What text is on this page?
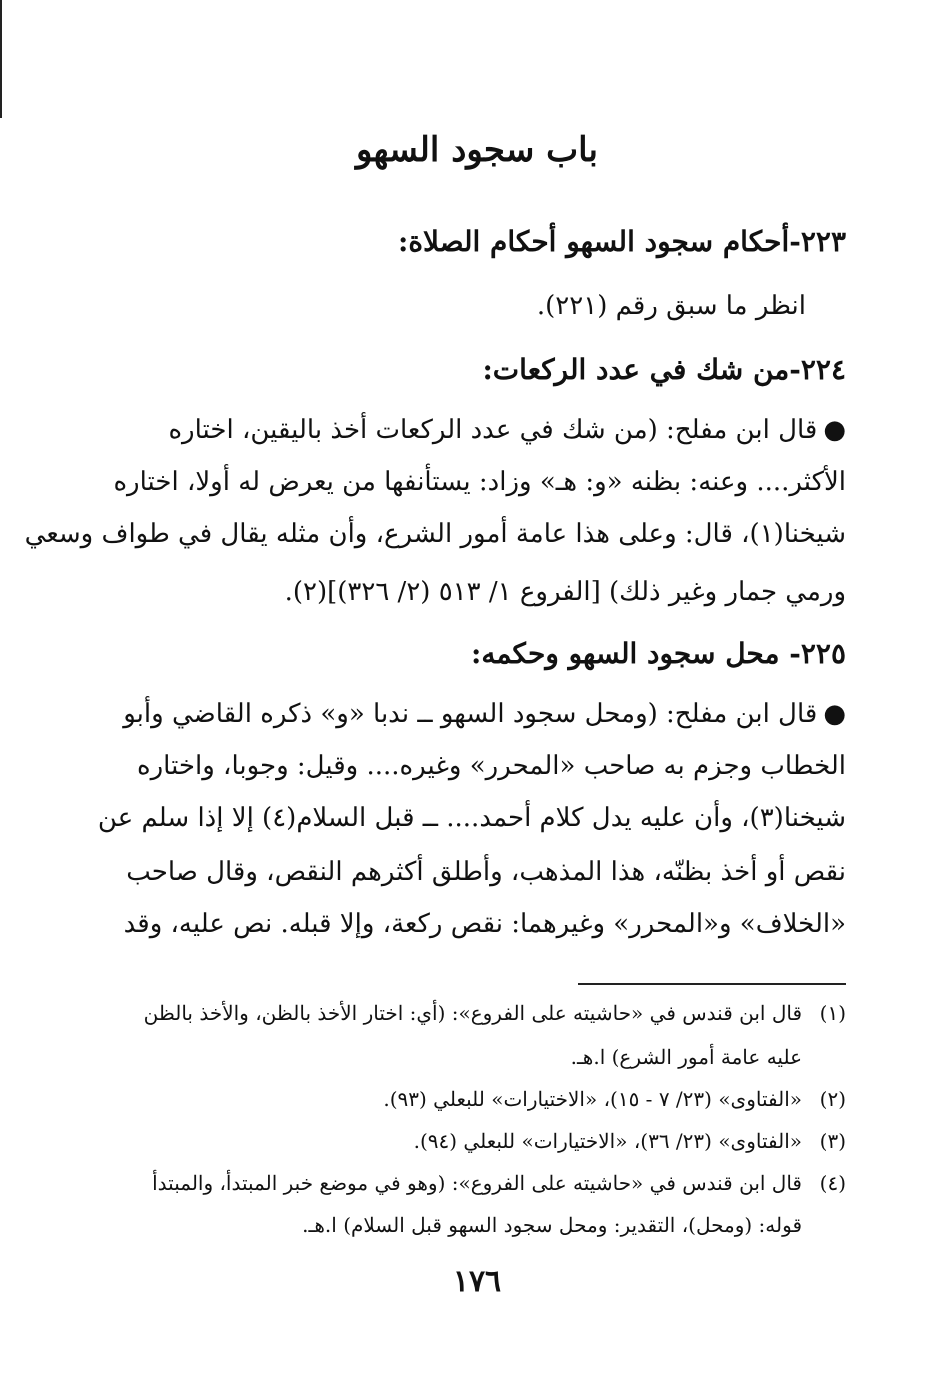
باب سجود السهو
٢٢٣-أحكام سجود السهو أحكام الصلاة:

انظر ما سبق رقم (٢٢١).

٢٢٤-من شك في عدد الركعات:

●قال ابن مفلح: (من شك في عدد الركعات أخذ باليقين، اختاره

الأكثر.... وعنه: بظنه «و: هـ» وزاد: يستأنفها من يعرض له أولا، اختاره

شيخنا(١)، قال: وعلى هذا عامة أمور الشرع، وأن مثله يقال في طواف وسعي

ورمي جمار وغير ذلك) [الفروع ١/ ٥١٣ (٢/ ٣٢٦)](٢).

٢٢٥- محل سجود السهو وحكمه:

●قال ابن مفلح: (ومحل سجود السهو ــ ندبا «و» ذكره القاضي وأبو

الخطاب وجزم به صاحب «المحرر» وغيره.... وقيل: وجوبا، واختاره

شيخنا(٣)، وأن عليه يدل كلام أحمد.... ــ قبل السلام(٤) إلا إذا سلم عن

نقص أو أخذ بظنّه، هذا المذهب، وأطلق أكثرهم النقص، وقال صاحب

«الخلاف» و«المحرر» وغيرهما: نقص ركعة، وإلا قبله. نص عليه، وقد

(١)قال ابن قندس في «حاشيته على الفروع»: (أي: اختار الأخذ بالظن، والأخذ بالظن

عليه عامة أمور الشرع) ا.هـ.

(٢)«الفتاوى» (٢٣/ ٧ - ١٥)، «الاختيارات» للبعلي (٩٣).

(٣)«الفتاوى» (٢٣/ ٣٦)، «الاختيارات» للبعلي (٩٤).

(٤)قال ابن قندس في «حاشيته على الفروع»: (وهو في موضع خبر المبتدأ، والمبتدأ

قوله: (ومحل)، التقدير: ومحل سجود السهو قبل السلام) ا.هـ.

١٧٦
